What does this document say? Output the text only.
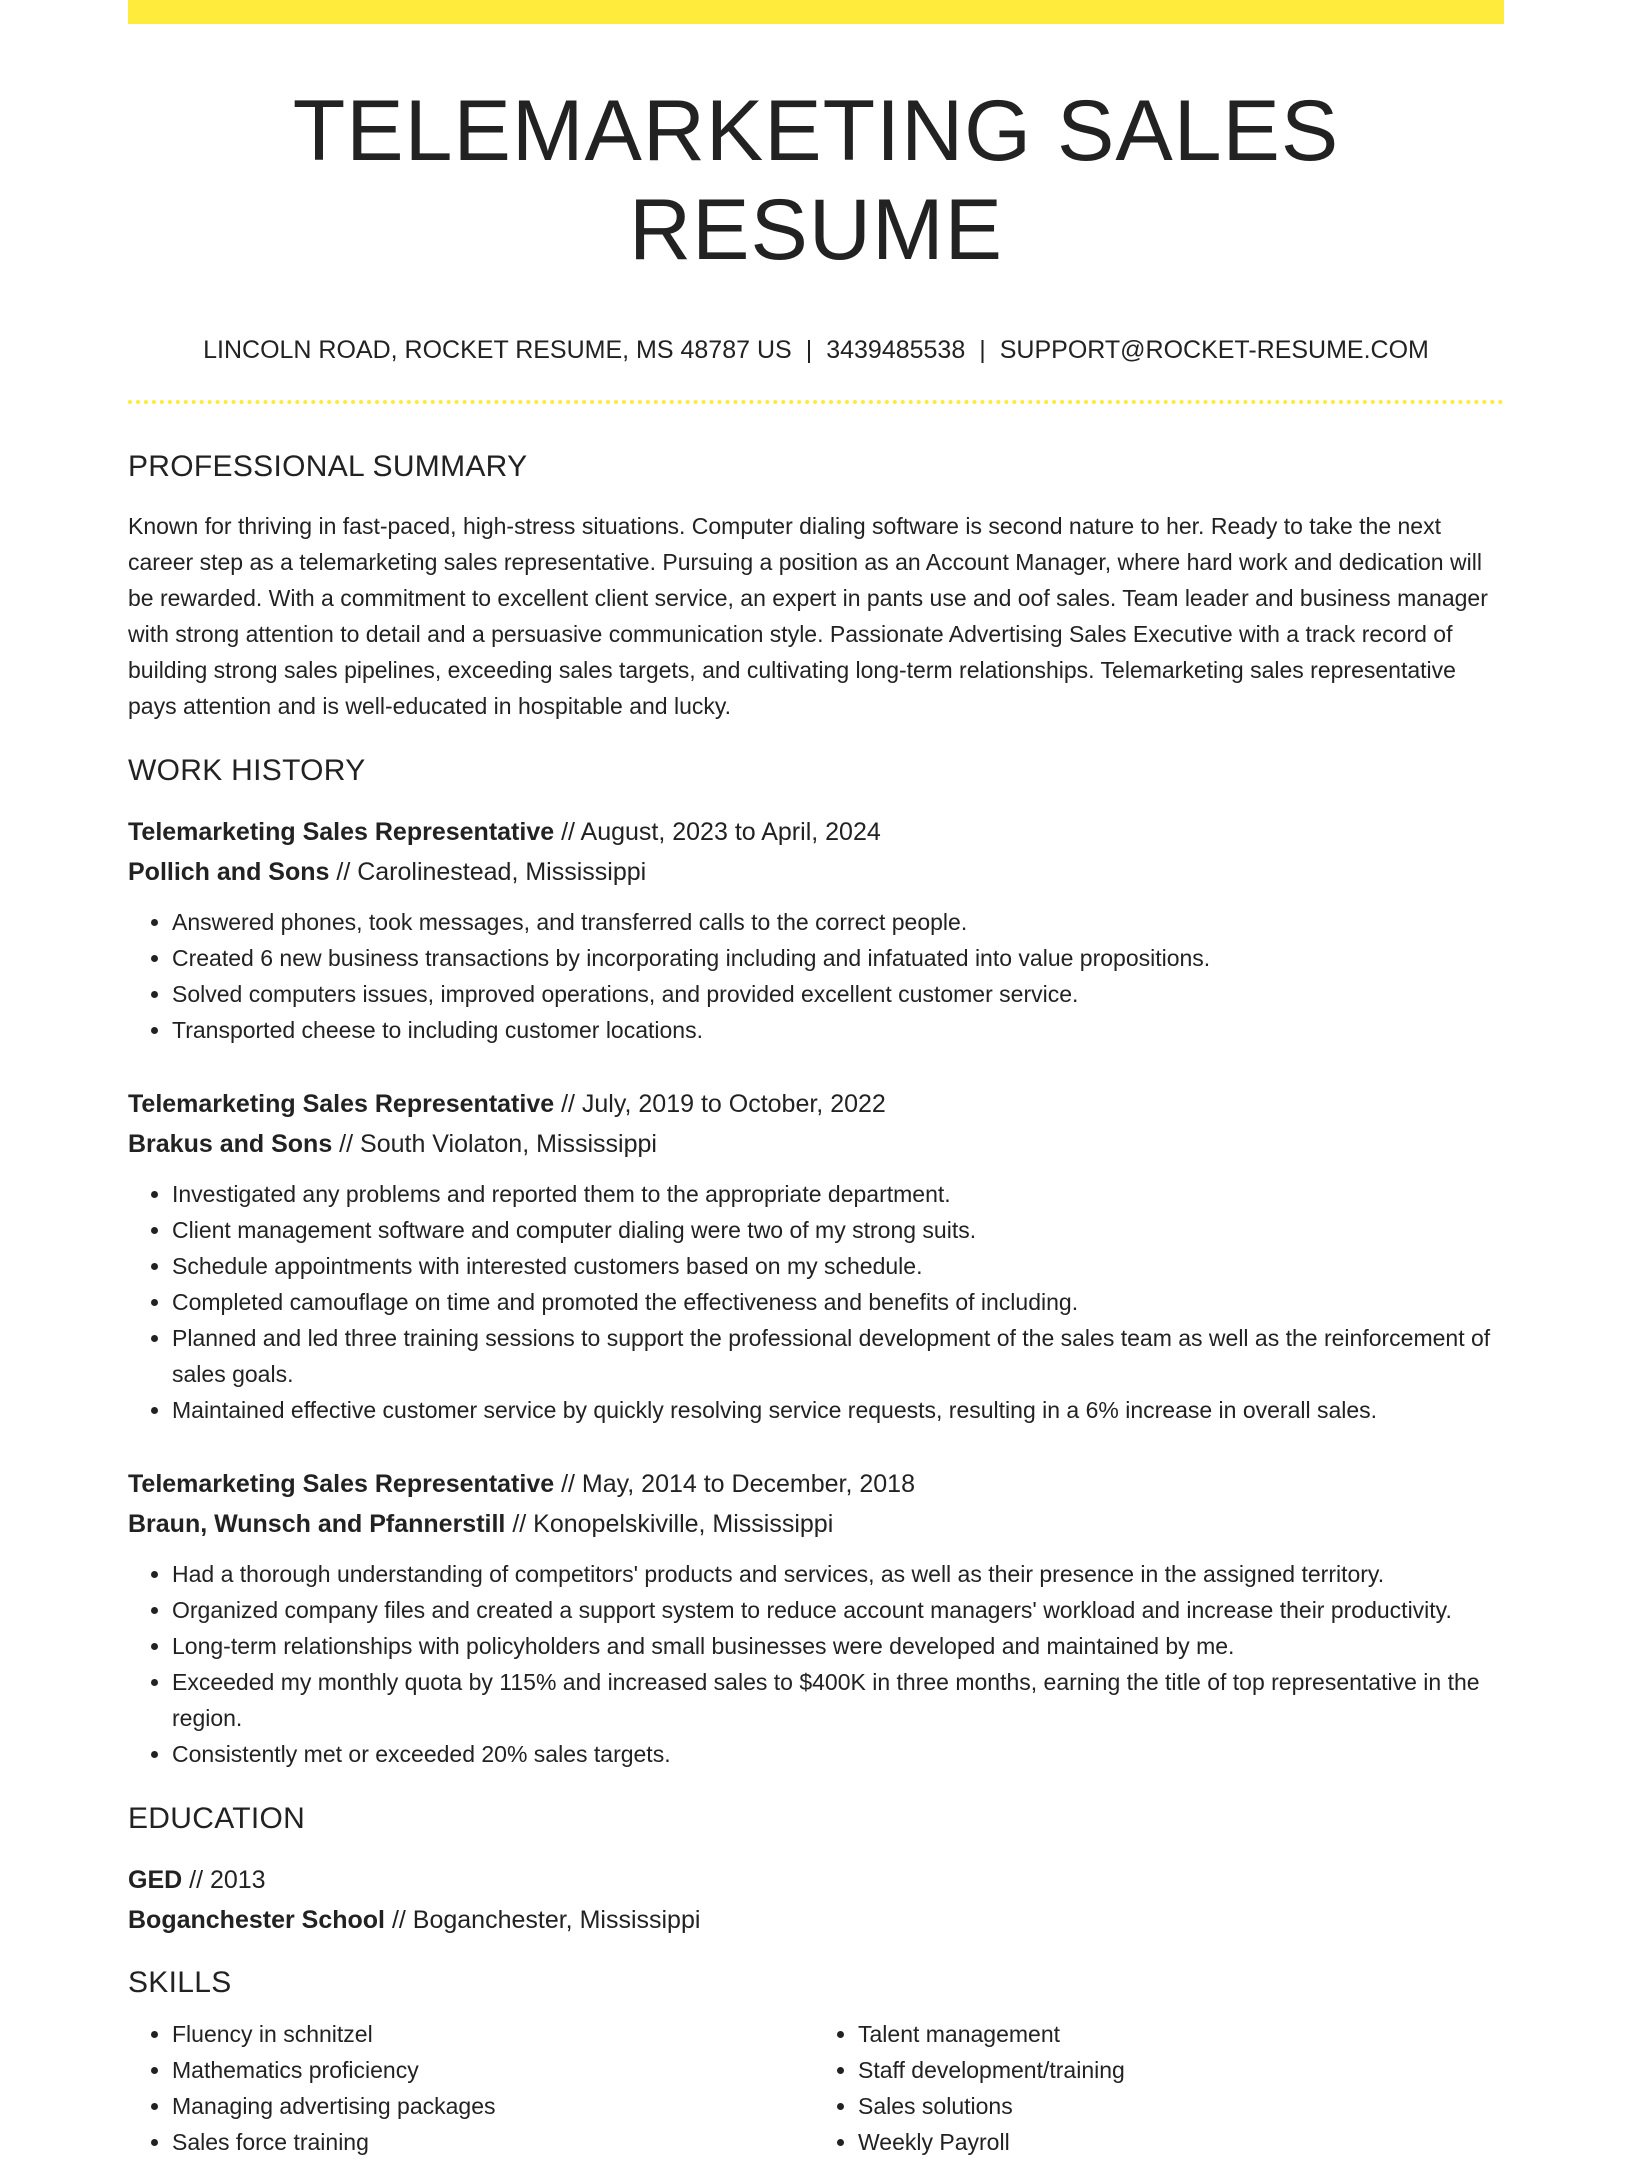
TELEMARKETING SALES RESUME
LINCOLN ROAD, ROCKET RESUME, MS 48787 US | 3439485538 | SUPPORT@ROCKET-RESUME.COM
PROFESSIONAL SUMMARY

Known for thriving in fast-paced, high-stress situations. Computer dialing software is second nature to her. Ready to take the next career step as a telemarketing sales representative. Pursuing a position as an Account Manager, where hard work and dedication will be rewarded. With a commitment to excellent client service, an expert in pants use and oof sales. Team leader and business manager with strong attention to detail and a persuasive communication style. Passionate Advertising Sales Executive with a track record of building strong sales pipelines, exceeding sales targets, and cultivating long-term relationships. Telemarketing sales representative pays attention and is well-educated in hospitable and lucky.

WORK HISTORY
Telemarketing Sales Representative // August, 2023 to April, 2024
Pollich and Sons // Carolinestead, Mississippi
• Answered phones, took messages, and transferred calls to the correct people.
• Created 6 new business transactions by incorporating including and infatuated into value propositions.
• Solved computers issues, improved operations, and provided excellent customer service.
• Transported cheese to including customer locations.
Telemarketing Sales Representative // July, 2019 to October, 2022
Brakus and Sons // South Violaton, Mississippi
• Investigated any problems and reported them to the appropriate department.
• Client management software and computer dialing were two of my strong suits.
• Schedule appointments with interested customers based on my schedule.
• Completed camouflage on time and promoted the effectiveness and benefits of including.
• Planned and led three training sessions to support the professional development of the sales team as well as the reinforcement of sales goals.
• Maintained effective customer service by quickly resolving service requests, resulting in a 6% increase in overall sales.
Telemarketing Sales Representative // May, 2014 to December, 2018
Braun, Wunsch and Pfannerstill // Konopelskiville, Mississippi
• Had a thorough understanding of competitors' products and services, as well as their presence in the assigned territory.
• Organized company files and created a support system to reduce account managers' workload and increase their productivity.
• Long-term relationships with policyholders and small businesses were developed and maintained by me.
• Exceeded my monthly quota by 115% and increased sales to $400K in three months, earning the title of top representative in the region.
• Consistently met or exceeded 20% sales targets.
EDUCATION
GED // 2013
Boganchester School // Boganchester, Mississippi
SKILLS
• Fluency in schnitzel
• Mathematics proficiency
• Managing advertising packages
• Sales force training
• Talent management
• Staff development/training
• Sales solutions
• Weekly Payroll
